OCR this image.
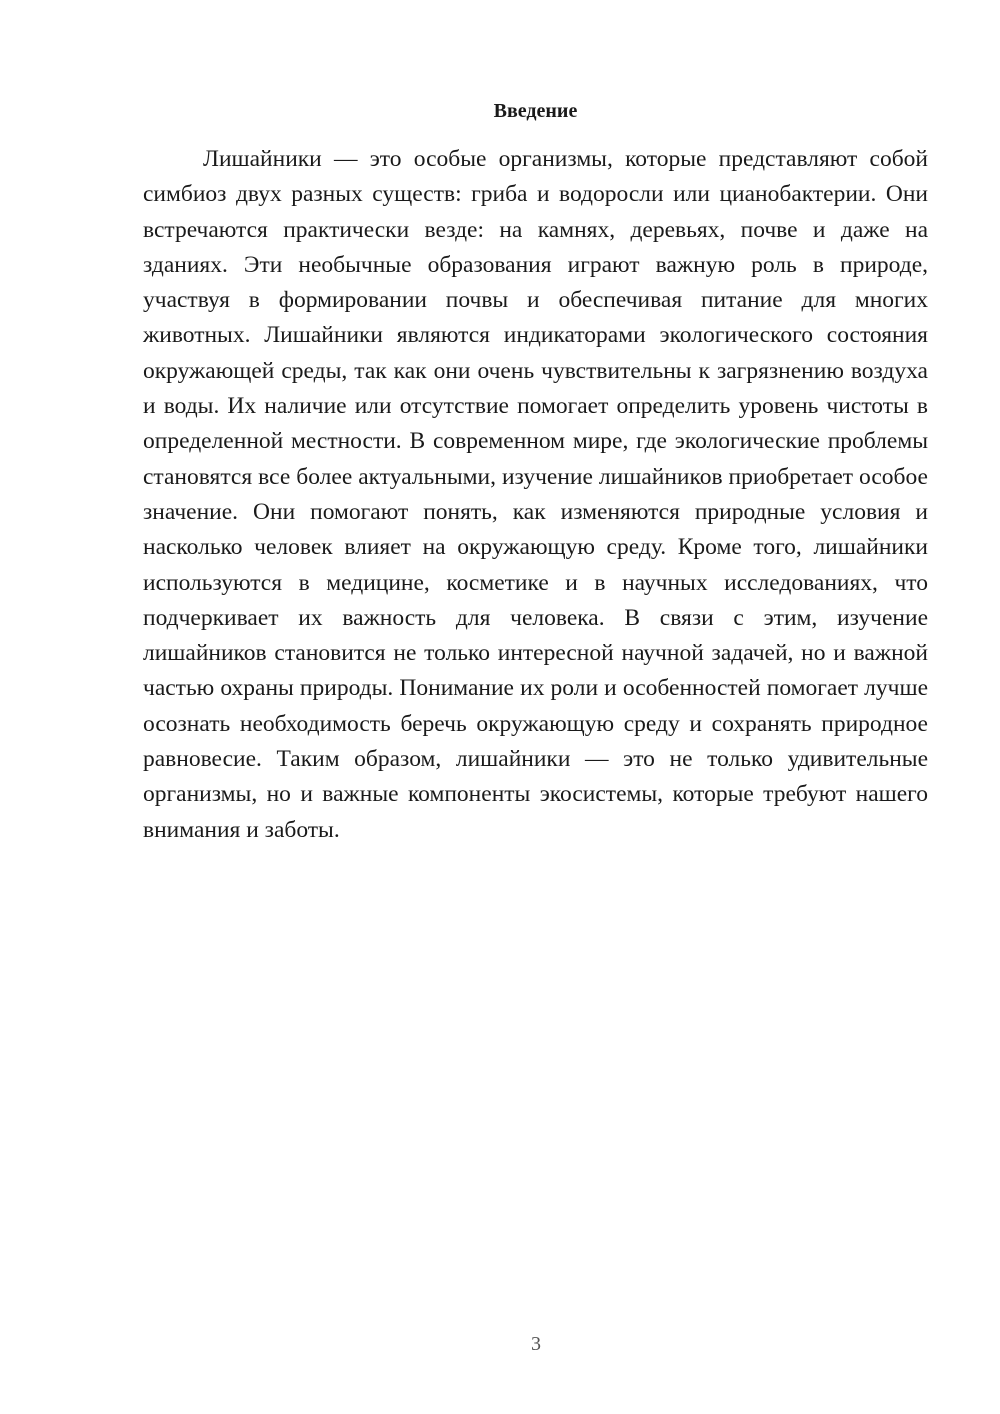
Введение

Лишайники — это особые организмы, которые представляют собой симбиоз двух разных существ: гриба и водоросли или цианобактерии. Они встречаются практически везде: на камнях, деревьях, почве и даже на зданиях. Эти необычные образования играют важную роль в природе, участвуя в формировании почвы и обеспечивая питание для многих животных. Лишайники являются индикаторами экологического состояния окружающей среды, так как они очень чувствительны к загрязнению воздуха и воды. Их наличие или отсутствие помогает определить уровень чистоты в определенной местности. В современном мире, где экологические проблемы становятся все более актуальными, изучение лишайников приобретает особое значение. Они помогают понять, как изменяются природные условия и насколько человек влияет на окружающую среду. Кроме того, лишайники используются в медицине, косметике и в научных исследованиях, что подчеркивает их важность для человека. В связи с этим, изучение лишайников становится не только интересной научной задачей, но и важной частью охраны природы. Понимание их роли и особенностей помогает лучше осознать необходимость беречь окружающую среду и сохранять природное равновесие. Таким образом, лишайники — это не только удивительные организмы, но и важные компоненты экосистемы, которые требуют нашего внимания и заботы.

3
